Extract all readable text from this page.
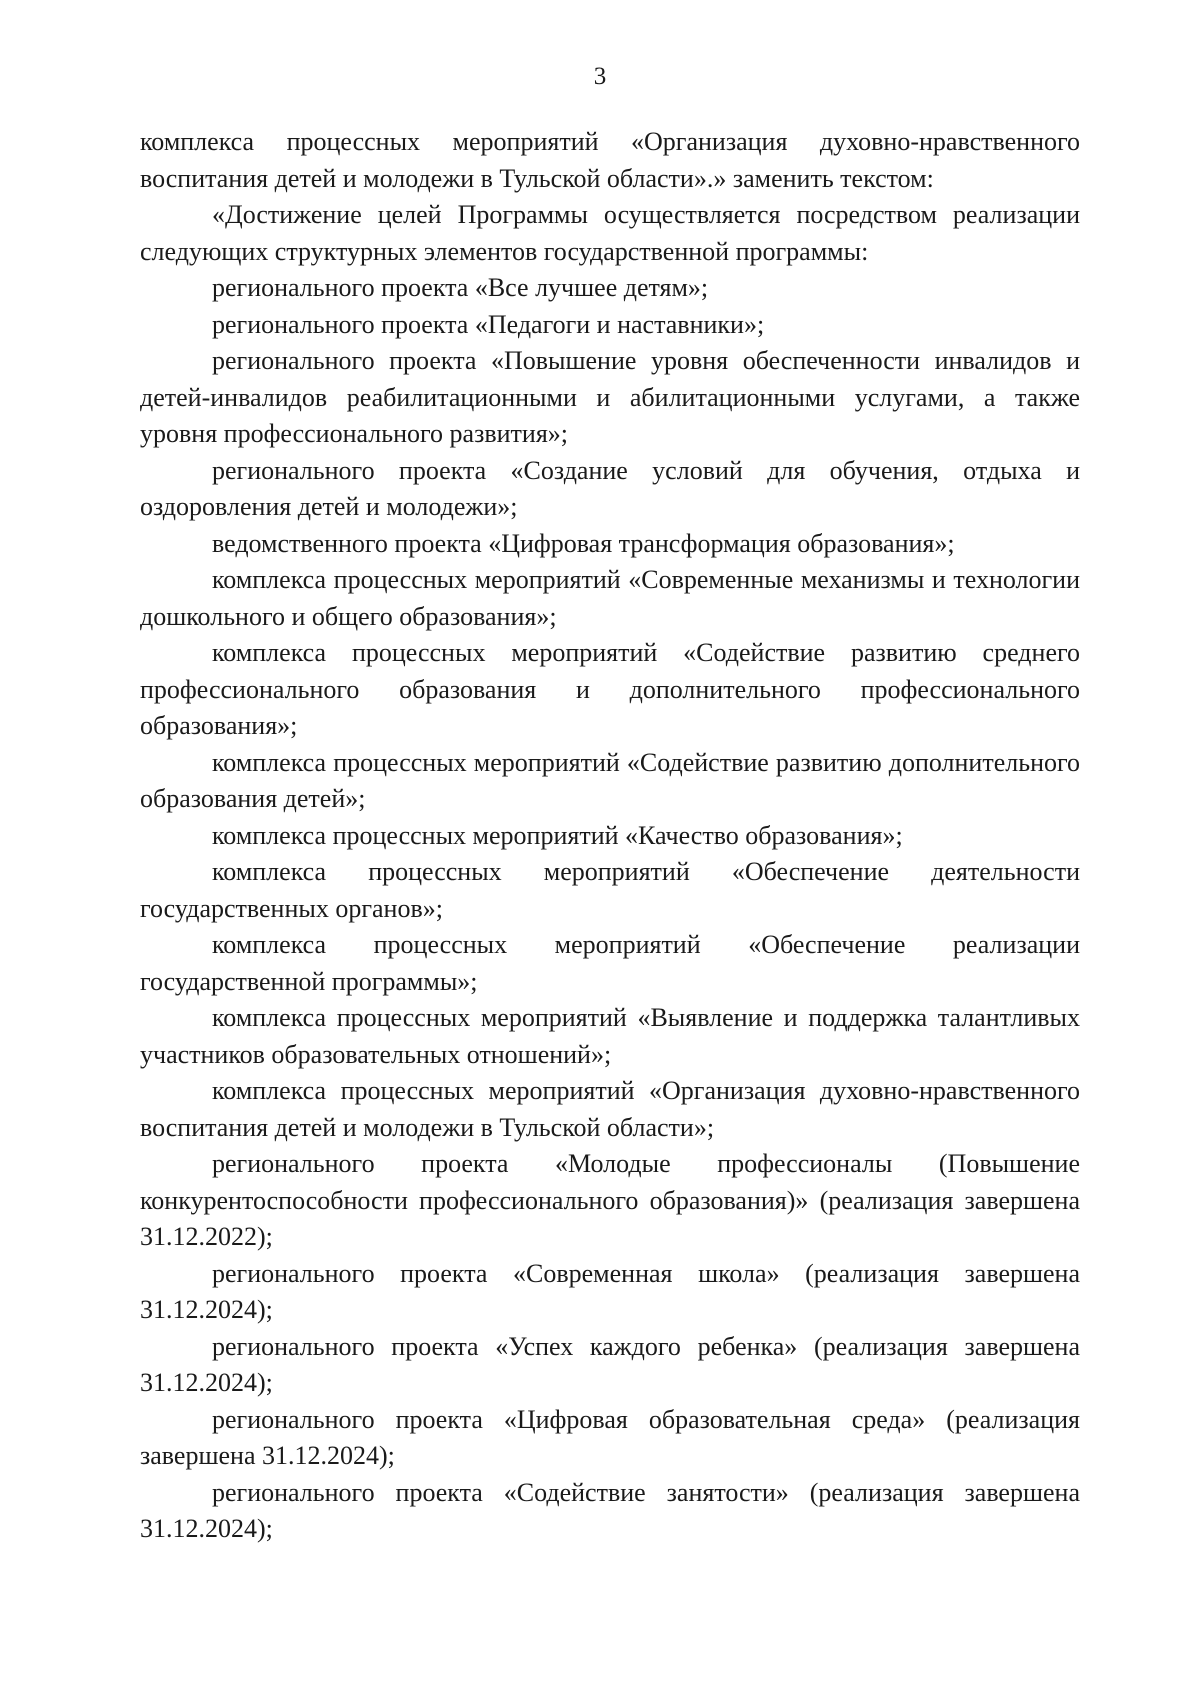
3

комплекса процессных мероприятий «Организация духовно-нравственного воспитания детей и молодежи в Тульской области».» заменить текстом:

«Достижение целей Программы осуществляется посредством реализации следующих структурных элементов государственной программы:

регионального проекта «Все лучшее детям»;

регионального проекта «Педагоги и наставники»;

регионального проекта «Повышение уровня обеспеченности инвалидов и детей-инвалидов реабилитационными и абилитационными услугами, а также уровня профессионального развития»;

регионального проекта «Создание условий для обучения, отдыха и оздоровления детей и молодежи»;

ведомственного проекта «Цифровая трансформация образования»;

комплекса процессных мероприятий «Современные механизмы и технологии дошкольного и общего образования»;

комплекса процессных мероприятий «Содействие развитию среднего профессионального образования и дополнительного профессионального образования»;

комплекса процессных мероприятий «Содействие развитию дополнительного образования детей»;

комплекса процессных мероприятий «Качество образования»;

комплекса процессных мероприятий «Обеспечение деятельности государственных органов»;

комплекса процессных мероприятий «Обеспечение реализации государственной программы»;

комплекса процессных мероприятий «Выявление и поддержка талантливых участников образовательных отношений»;

комплекса процессных мероприятий «Организация духовно-нравственного воспитания детей и молодежи в Тульской области»;

регионального проекта «Молодые профессионалы (Повышение конкурентоспособности профессионального образования)» (реализация завершена 31.12.2022);

регионального проекта «Современная школа» (реализация завершена 31.12.2024);

регионального проекта «Успех каждого ребенка» (реализация завершена 31.12.2024);

регионального проекта «Цифровая образовательная среда» (реализация завершена 31.12.2024);

регионального проекта «Содействие занятости» (реализация завершена 31.12.2024);
